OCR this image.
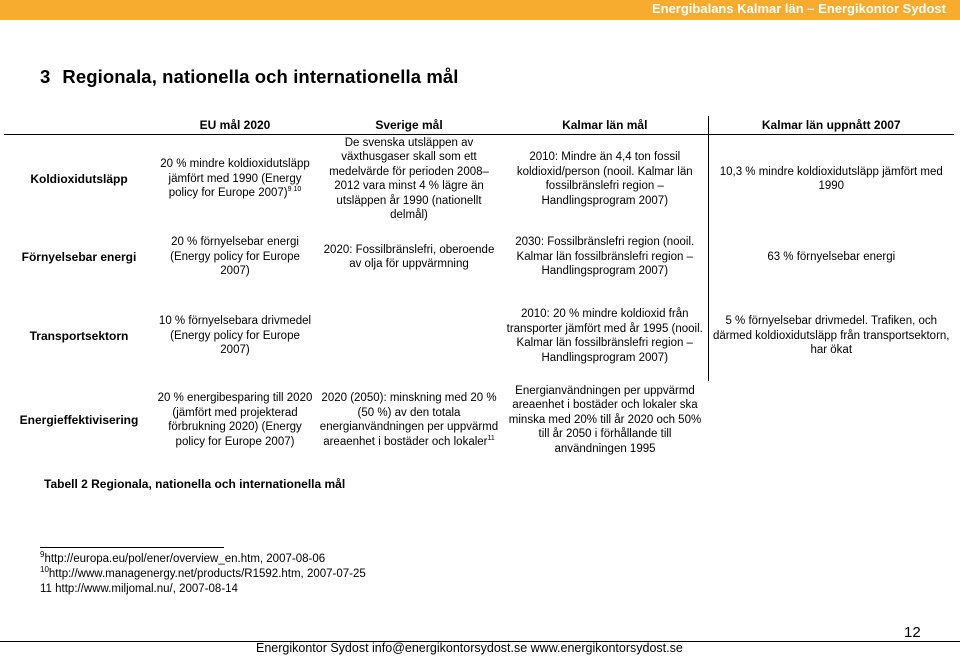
Energibalans Kalmar län – Energikontor Sydost
3 Regionala, nationella och internationella mål
	EU mål 2020	Sverige mål	Kalmar län mål	Kalmar län uppnått 2007
Koldioxidutsläpp	20 % mindre koldioxidutsläpp jämfört med 1990 (Energy policy for Europe 2007)$^{9 10}$	De svenska utsläppen av växthusgaser skall som ett medelvärde för perioden 2008–2012 vara minst 4 % lägre än utsläppen år 1990 (nationellt delmål)	2010: Mindre än 4,4 ton fossil koldioxid/person (nooil. Kalmar län fossilbränslefri region – Handlingsprogram 2007)	10,3 % mindre koldioxidutsläpp jämfört med 1990
Förnyelsebar energi	20 % förnyelsebar energi (Energy policy for Europe 2007)	2020: Fossilbränslefri, oberoende av olja för uppvärmning	2030: Fossilbränslefri region (nooil. Kalmar län fossilbränslefri region – Handlingsprogram 2007)	63 % förnyelsebar energi
Transportsektorn	10 % förnyelsebara drivmedel (Energy policy for Europe 2007)		2010: 20 % mindre koldioxid från transporter jämfört med år 1995 (nooil. Kalmar län fossilbränslefri region – Handlingsprogram 2007)	5 % förnyelsebar drivmedel. Trafiken, och därmed koldioxidutsläpp från transportsektorn, har ökat
Energieffektivisering	20 % energibesparing till 2020 (jämfört med projekterad förbrukning 2020) (Energy policy for Europe 2007)	2020 (2050): minskning med 20 % (50 %) av den totala energianvändningen per uppvärmd areaenhet i bostäder och lokaler$^{11}$	Energianvändningen per uppvärmd areaenhet i bostäder och lokaler ska minska med 20% till år 2020 och 50% till år 2050 i förhållande till användningen 1995	
Tabell 2 Regionala, nationella och internationella mål
$^9$http://europa.eu/pol/ener/overview_en.htm, 2007-08-06
$^{10}$http://www.managenergy.net/products/R1592.htm, 2007-07-25
11 http://www.miljomal.nu/, 2007-08-14
12
Energikontor Sydost info@energikontorsydost.se www.energikontorsydost.se
